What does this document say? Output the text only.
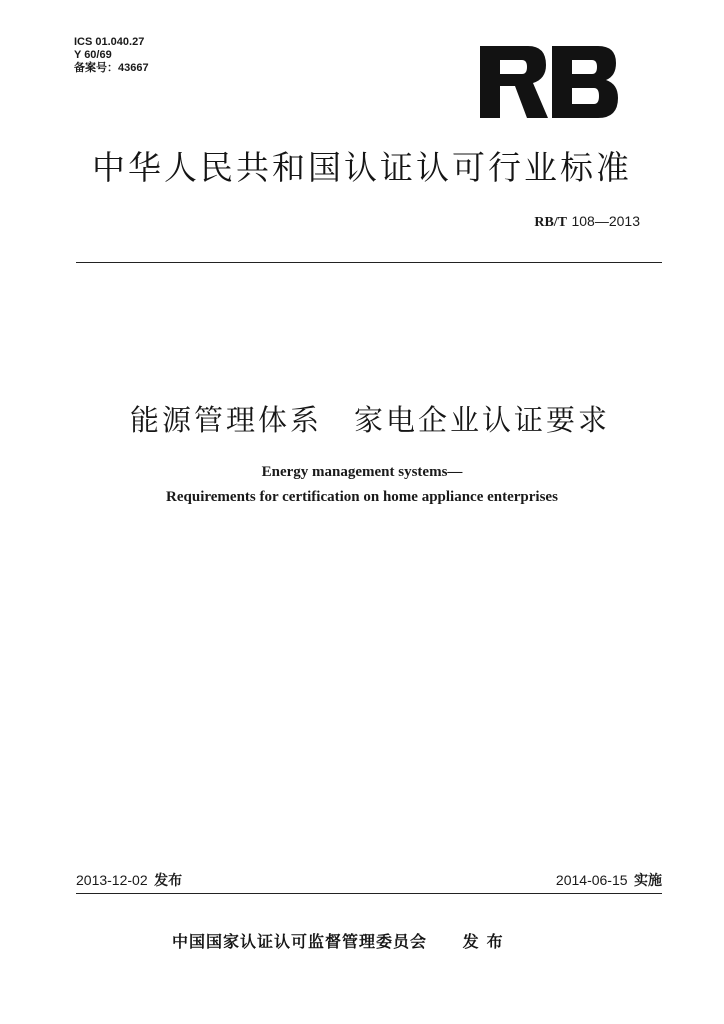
ICS 01.040.27
Y 60/69
备案号：43667
中华人民共和国认证认可行业标准
RB/T 108—2013
能源管理体系　家电企业认证要求
Energy management systems—
Requirements for certification on home appliance enterprises
2013-12-02 发布	2014-06-15 实施
中国国家认证认可监督管理委员会 发布
